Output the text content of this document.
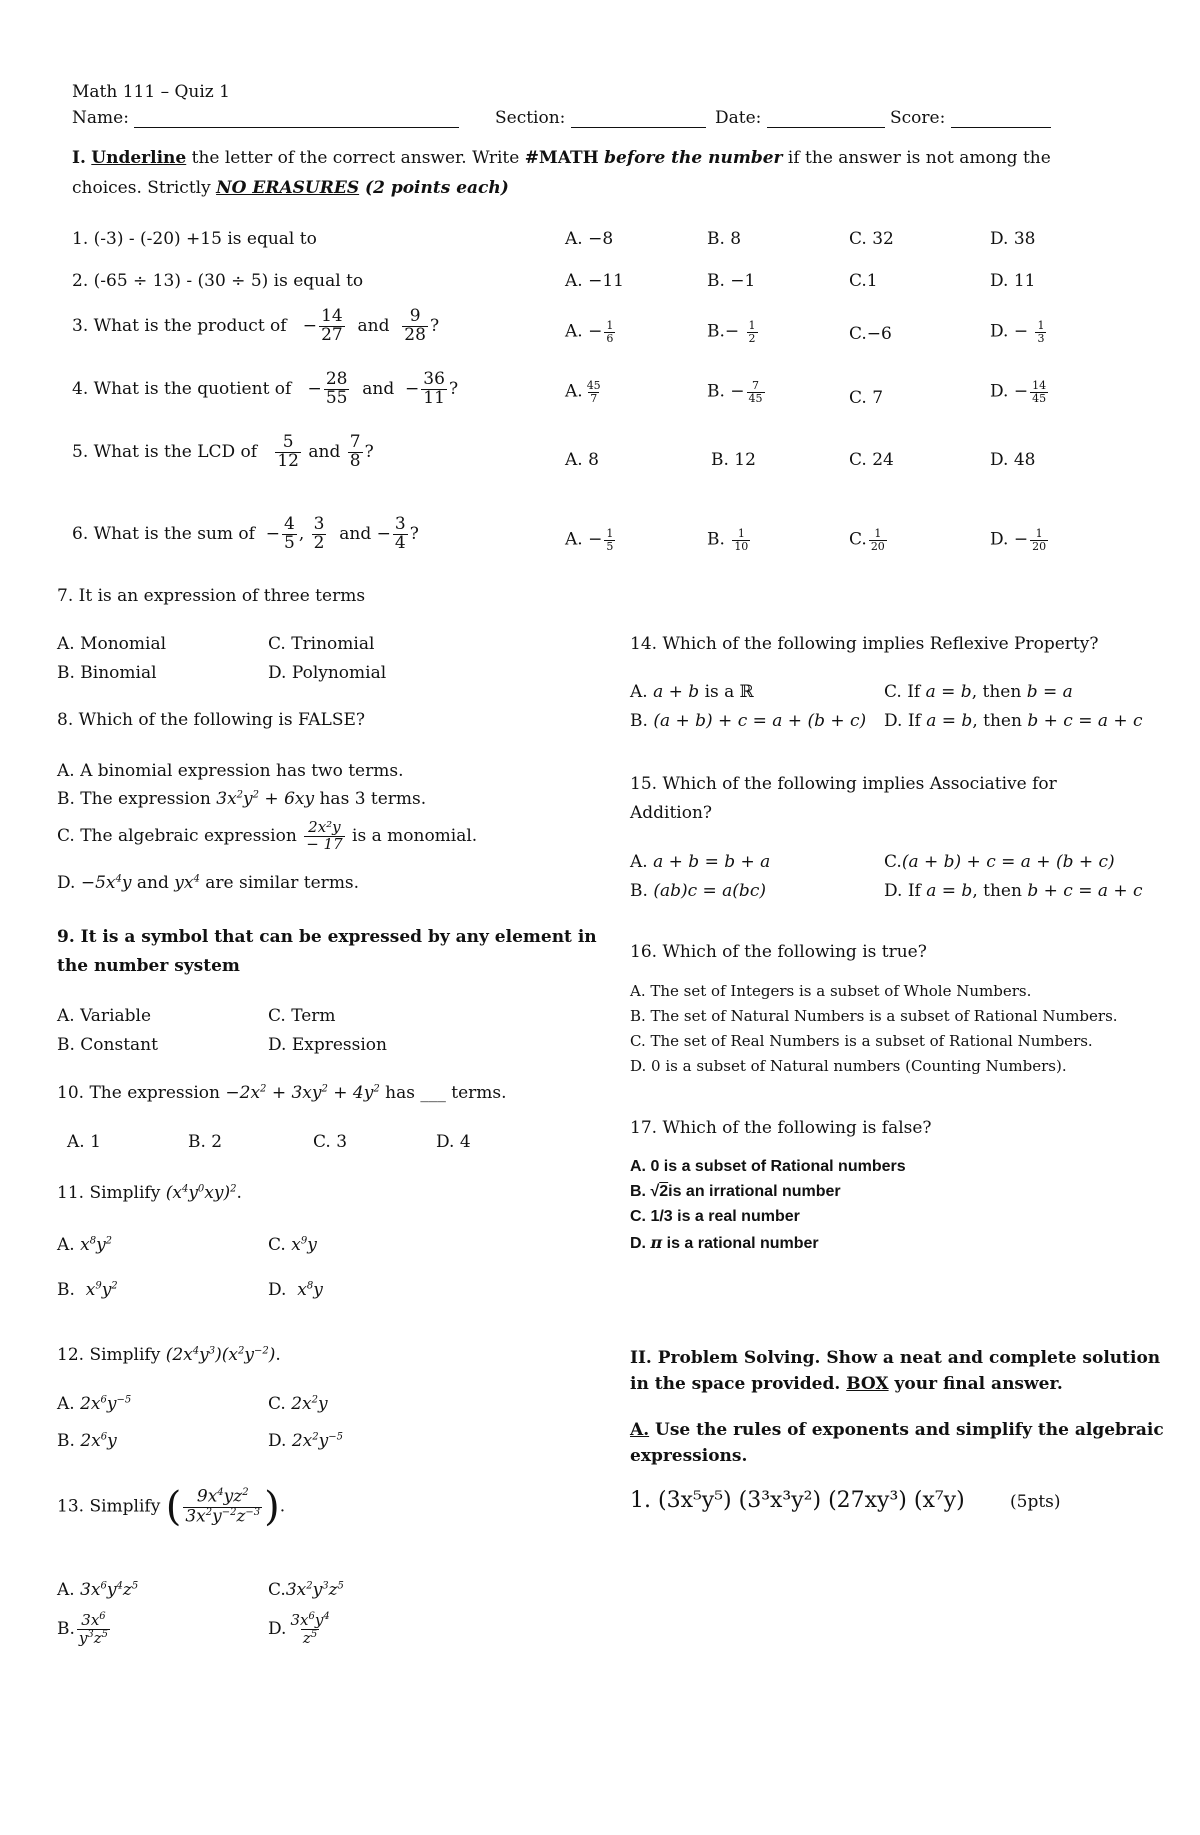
Math 111 – Quiz 1
Name:	Section:	Date:	Score:
I. Underline the letter of the correct answer. Write #MATH before the number if the answer is not among the
choices. Strictly NO ERASURES (2 points each)
1. (-3) - (-20) +15 is equal to	A. −8	B. 8	C. 32	D. 38
2. (-65 ÷ 13) - (30 ÷ 5) is equal to	A. −11	B. −1	C.1	D. 11
3. What is the product of   − $\frac{14}{27}$ and $\frac{9}{28}$ ?	A. − $\frac{1}{6}$	$B.- \frac{1}{2}$	C.−6	D. − $\frac{1}{3}$
4. What is the quotient of   − $\frac{28}{55}$ and  − $\frac{36}{11}$ ?	A. $\frac{45}{7}$	B. − $\frac{7}{45}$	C. 7	D. − $\frac{14}{45}$
5. What is the LCD of $\frac{5}{12}$ and $\frac{7}{8}$ ?	A. 8	B. 12	C. 24	D. 48
6. What is the sum of  − $\frac{4}{5}$ , $\frac{3}{2}$ and − $\frac{3}{4}$ ?	A. − $\frac{1}{5}$	B. $\frac{1}{10}$	C. $\frac{1}{20}$	D. − $\frac{1}{20}$
7. It is an expression of three terms
A. Monomial	C. Trinomial
B. Binomial	D. Polynomial
8. Which of the following is FALSE?
A. A binomial expression has two terms.
B. The expression $3x^2y^2 + 6xy$ has 3 terms.
C. The algebraic expression $\frac{\text{2x²y}}{- 17}$ is a monomial.
D. $-5x^4y$ and $yx^4$ are similar terms.
9. It is a symbol that can be expressed by any element in
the number system
A. Variable	C. Term
B. Constant	D. Expression
10. The expression $-2x^2 + 3xy^2 + 4y^2$ has ___ terms.
A. 1	B. 2	C. 3	D. 4
11. Simplify $(x^4y^0xy)^2$.
A. $x^8y^2$	C. $x^9y$
B.  $x^9y^2$	D.  $x^8y$
12. Simplify $(2x^4y^3)(x^2y^{-2})$.
A. $2x^6y^{-5}$	C. $2x^2y$
B. $2x^6y$	D. $2x^2y^{-5}$
13. Simplify ( $\frac{9x^4yz^2}{3x^2y^{-2}z^{-3}}$ ).
A. $3x^6y^4z^5$	$C.3x^2y^3z^5$
B. $\frac{3x^6}{y^3z^5}$	D. $\frac{3x^6y^4}{z^5}$
14. Which of the following implies Reflexive Property?
A. a + b is a ℝ	C. If a = b, then b = a
B. (a + b) + c = a + (b + c) D. If a = b, then b + c = a + c
15. Which of the following implies Associative for
Addition?
A. a + b = b + a	C.(a + b) + c = a + (b + c)
B. (ab)c = a(bc)	D. If a = b, then b + c = a + c
16. Which of the following is true?
A. The set of Integers is a subset of Whole Numbers.
B. The set of Natural Numbers is a subset of Rational Numbers.
C. The set of Real Numbers is a subset of Rational Numbers.
D. 0 is a subset of Natural numbers (Counting Numbers).
17. Which of the following is false?
A. 0 is a subset of Rational numbers
B. √2is an irrational number
C. 1/3 is a real number
D. π is a rational number
II. Problem Solving. Show a neat and complete solution
in the space provided. BOX your final answer.
A. Use the rules of exponents and simplify the algebraic
expressions.
1. (3x⁵y⁵) (3³x³y²) (27xy³) (x⁷y)	(5pts)
